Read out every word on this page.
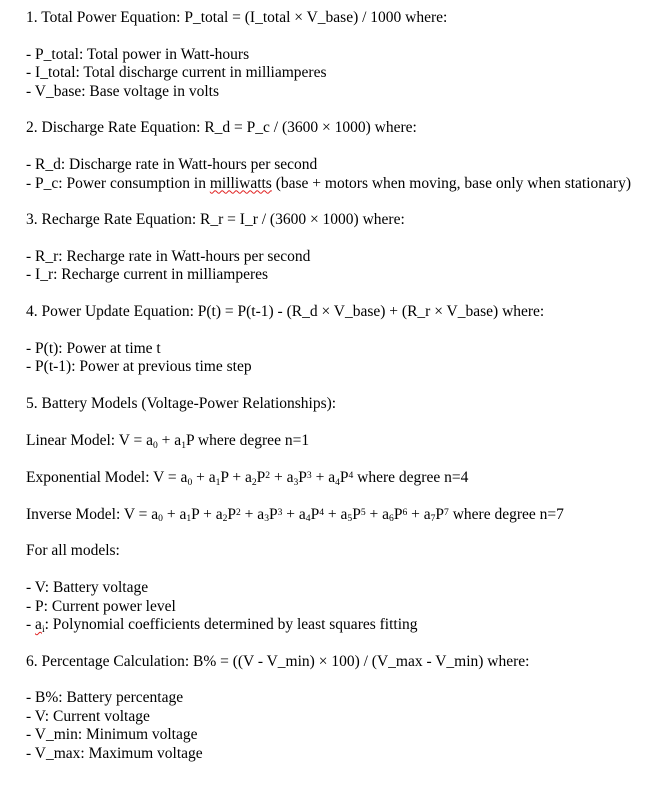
1. Total Power Equation: P_total = (I_total × V_base) / 1000 where:
- P_total: Total power in Watt-hours
- I_total: Total discharge current in milliamperes
- V_base: Base voltage in volts
2. Discharge Rate Equation: R_d = P_c / (3600 × 1000) where:
- R_d: Discharge rate in Watt-hours per second
- P_c: Power consumption in milliwatts (base + motors when moving, base only when stationary)
3. Recharge Rate Equation: R_r = I_r / (3600 × 1000) where:
- R_r: Recharge rate in Watt-hours per second
- I_r: Recharge current in milliamperes
4. Power Update Equation: P(t) = P(t-1) - (R_d × V_base) + (R_r × V_base) where:
- P(t): Power at time t
- P(t-1): Power at previous time step
5. Battery Models (Voltage-Power Relationships):
Linear Model: $V = a_0 + a_1P$ where degree n=1
Exponential Model: $V = a_0 + a_1P + a_2P^2 + a_3P^3 + a_4P^4$ where degree n=4
Inverse Model: $V = a_0 + a_1P + a_2P^2 + a_3P^3 + a_4P^4 + a_5P^5 + a_6P^6 + a_7P^7$ where degree n=7
For all models:
- V: Battery voltage
- P: Current power level
- $a_i$: Polynomial coefficients determined by least squares fitting
6. Percentage Calculation: B% = ((V - V_min) × 100) / (V_max - V_min) where:
- B%: Battery percentage
- V: Current voltage
- V_min: Minimum voltage
- V_max: Maximum voltage
